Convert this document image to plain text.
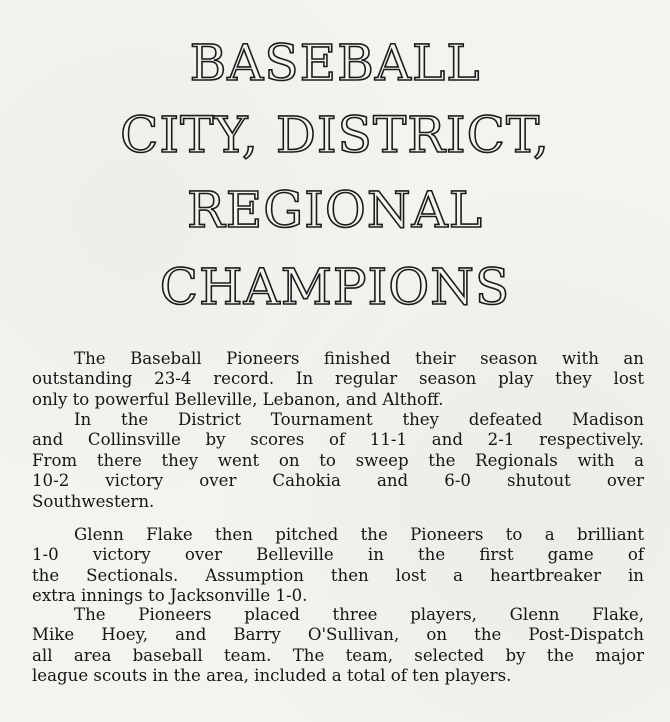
BASEBALL
CITY, DISTRICT,
REGIONAL
CHAMPIONS
The Baseball Pioneers finished their season with an
outstanding 23-4 record. In regular season play they lost
only to powerful Belleville, Lebanon, and Althoff.
In the District Tournament they defeated Madison
and Collinsville by scores of 11-1 and 2-1 respectively.
From there they went on to sweep the Regionals with a
10-2 victory over Cahokia and 6-0 shutout over
Southwestern.
Glenn Flake then pitched the Pioneers to a brilliant
1-0 victory over Belleville in the first game of
the Sectionals. Assumption then lost a heartbreaker in
extra innings to Jacksonville 1-0.
The Pioneers placed three players, Glenn Flake,
Mike Hoey, and Barry O'Sullivan, on the Post-Dispatch
all area baseball team. The team, selected by the major
league scouts in the area, included a total of ten players.
